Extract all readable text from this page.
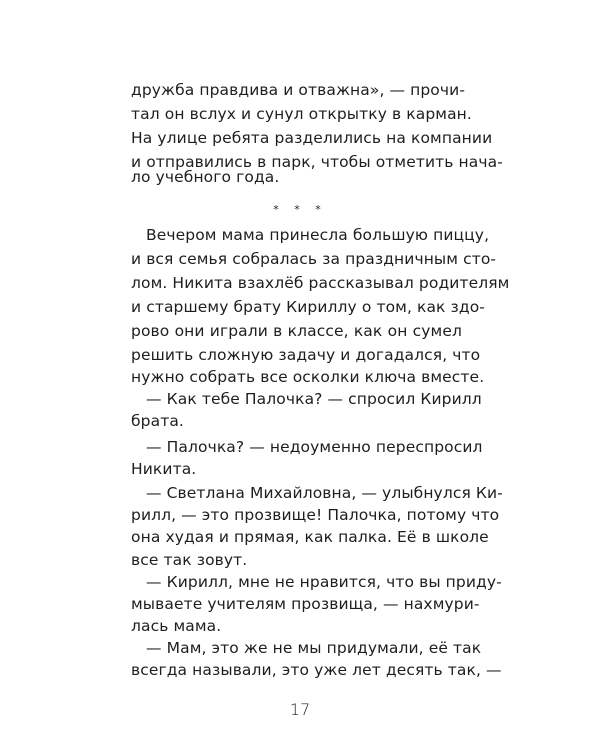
дружба правдива и отважна», — прочи-
тал он вслух и сунул открытку в карман.
На улице ребята разделились на компании
и отправились в парк, чтобы отметить нача-
ло учебного года.
* * *
Вечером мама принесла большую пиццу,
и вся семья собралась за праздничным сто-
лом. Никита взахлёб рассказывал родителям
и старшему брату Кириллу о том, как здо-
рово они играли в классе, как он сумел
решить сложную задачу и догадался, что
нужно собрать все осколки ключа вместе.
— Как тебе Палочка? — спросил Кирилл
брата.
— Палочка? — недоуменно переспросил
Никита.
— Светлана Михайловна, — улыбнулся Ки-
рилл, — это прозвище! Палочка, потому что
она худая и прямая, как палка. Её в школе
все так зовут.
— Кирилл, мне не нравится, что вы приду-
мываете учителям прозвища, — нахмури-
лась мама.
— Мам, это же не мы придумали, её так
всегда называли, это уже лет десять так, —
17
